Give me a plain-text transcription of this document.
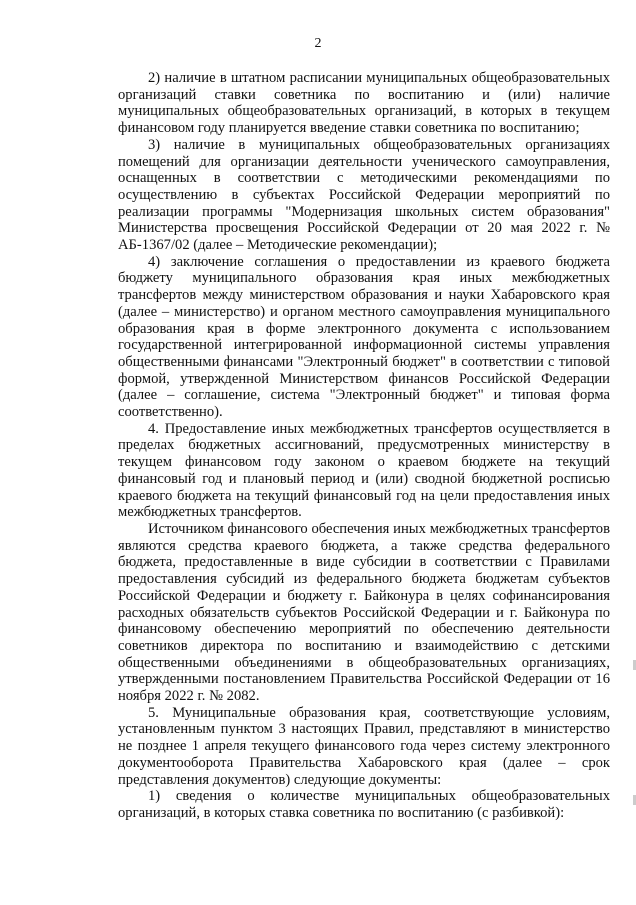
2

2) наличие в штатном расписании муниципальных общеобразовательных организаций ставки советника по воспитанию и (или) наличие муниципальных общеобразовательных организаций, в которых в текущем финансовом году планируется введение ставки советника по воспитанию;

3) наличие в муниципальных общеобразовательных организациях помещений для организации деятельности ученического самоуправления, оснащенных в соответствии с методическими рекомендациями по осуществлению в субъектах Российской Федерации мероприятий по реализации программы "Модернизация школьных систем образования" Министерства просвещения Российской Федерации от 20 мая 2022 г. № АБ-1367/02 (далее – Методические рекомендации);

4) заключение соглашения о предоставлении из краевого бюджета бюджету муниципального образования края иных межбюджетных трансфертов между министерством образования и науки Хабаровского края (далее – министерство) и органом местного самоуправления муниципального образования края в форме электронного документа с использованием государственной интегрированной информационной системы управления общественными финансами "Электронный бюджет" в соответствии с типовой формой, утвержденной Министерством финансов Российской Федерации (далее – соглашение, система "Электронный бюджет" и типовая форма соответственно).

4. Предоставление иных межбюджетных трансфертов осуществляется в пределах бюджетных ассигнований, предусмотренных министерству в текущем финансовом году законом о краевом бюджете на текущий финансовый год и плановый период и (или) сводной бюджетной росписью краевого бюджета на текущий финансовый год на цели предоставления иных межбюджетных трансфертов.

Источником финансового обеспечения иных межбюджетных трансфертов являются средства краевого бюджета, а также средства федерального бюджета, предоставленные в виде субсидии в соответствии с Правилами предоставления субсидий из федерального бюджета бюджетам субъектов Российской Федерации и бюджету г. Байконура в целях софинансирования расходных обязательств субъектов Российской Федерации и г. Байконура по финансовому обеспечению мероприятий по обеспечению деятельности советников директора по воспитанию и взаимодействию с детскими общественными объединениями в общеобразовательных организациях, утвержденными постановлением Правительства Российской Федерации от 16 ноября 2022 г. № 2082.

5. Муниципальные образования края, соответствующие условиям, установленным пунктом 3 настоящих Правил, представляют в министерство не позднее 1 апреля текущего финансового года через систему электронного документооборота Правительства Хабаровского края (далее – срок представления документов) следующие документы:

1) сведения о количестве муниципальных общеобразовательных организаций, в которых ставка советника по воспитанию (с разбивкой):
